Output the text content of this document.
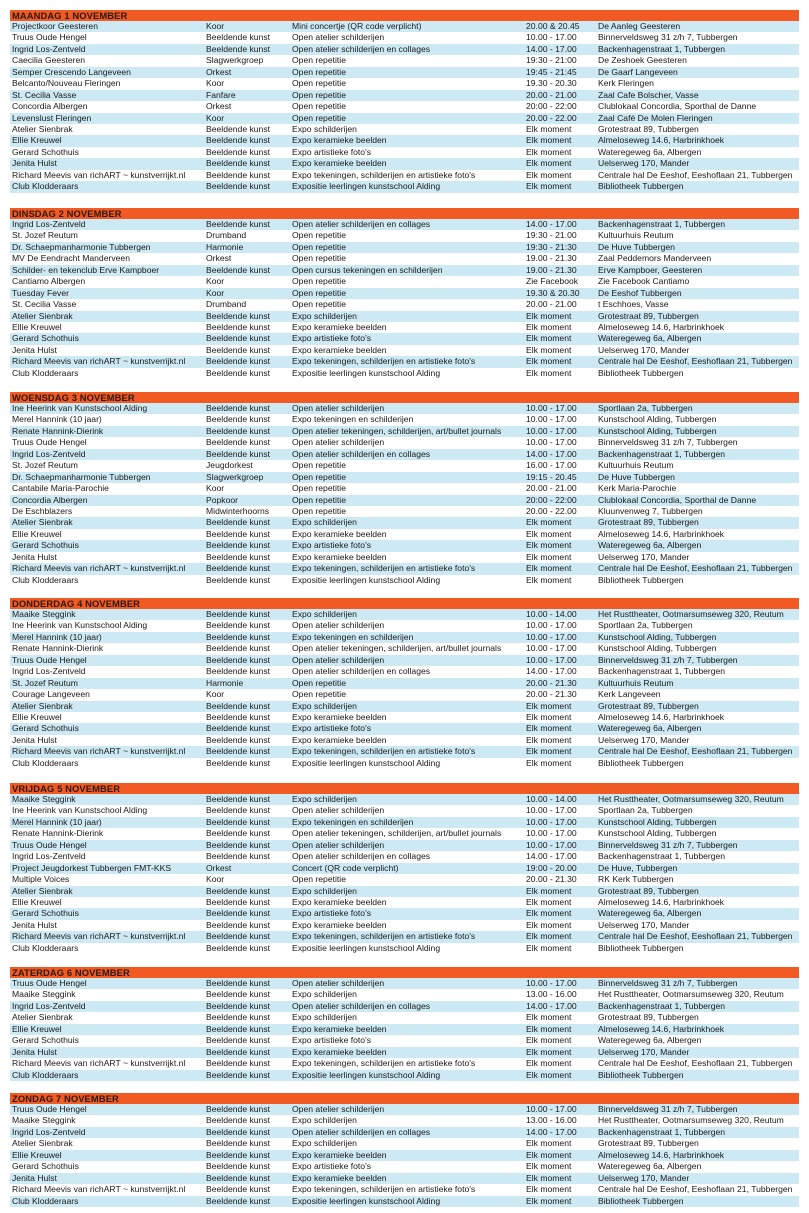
MAANDAG 1 NOVEMBER
Projectkoor Geesteren	Koor	Mini concertje (QR code verplicht)	20.00 & 20.45	De Aanleg Geesteren
Truus Oude Hengel	Beeldende kunst	Open atelier schilderijen	10.00 - 17.00	Binnerveldsweg 31 z/h 7, Tubbergen
Ingrid Los-Zentveld	Beeldende kunst	Open atelier schilderijen en collages	14.00 - 17.00	Backenhagenstraat 1, Tubbergen
Caecilia Geesteren	Slagwerkgroep	Open repetitie	19:30 - 21:00	De Zeshoek Geesteren
Semper Crescendo Langeveen	Orkest	Open repetitie	19:45 - 21:45	De Gaarf Langeveen
Belcanto/Nouveau Fleringen	Koor	Open repetitie	19.30 - 20.30	Kerk Fleringen
St. Cecilia Vasse	Fanfare	Open repetitie	20.00 - 21.00	Zaal Cafe Bolscher, Vasse
Concordia Albergen	Orkest	Open repetitie	20:00 - 22:00	Clublokaal Concordia, Sporthal de Danne
Levenslust Fleringen	Koor	Open repetitie	20.00 - 22.00	Zaal Café De Molen Fleringen
Atelier Sienbrak	Beeldende kunst	Expo schilderijen	Elk moment	Grotestraat 89, Tubbergen
Ellie Kreuwel	Beeldende kunst	Expo keramieke beelden	Elk moment	Almeloseweg 14.6, Harbrinkhoek
Gerard Schothuis	Beeldende kunst	Expo artistieke foto's	Elk moment	Wateregeweg 6a, Albergen
Jenita Hulst	Beeldende kunst	Expo keramieke beelden	Elk moment	Uelserweg 170, Mander
Richard Meevis van richART ~ kunstverrijkt.nl	Beeldende kunst	Expo tekeningen, schilderijen en artistieke foto's	Elk moment	Centrale hal De Eeshof, Eeshoflaan 21, Tubbergen
Club Klodderaars	Beeldende kunst	Expositie leerlingen kunstschool Alding	Elk moment	Bibliotheek Tubbergen
DINSDAG 2 NOVEMBER
Ingrid Los-Zentveld	Beeldende kunst	Open atelier schilderijen en collages	14.00 - 17.00	Backenhagenstraat 1, Tubbergen
St. Jozef Reutum	Drumband	Open repetitie	19:30 - 21.00	Kultuurhuis Reutum
Dr. Schaepmanharmonie Tubbergen	Harmonie	Open repetitie	19:30 - 21:30	De Huve Tubbergen
MV De Eendracht Manderveen	Orkest	Open repetitie	19.00 - 21.30	Zaal Peddemors Manderveen
Schilder- en tekenclub Erve Kampboer	Beeldende kunst	Open cursus tekeningen en schilderijen	19.00 - 21.30	Erve Kampboer, Geesteren
Cantiamo Albergen	Koor	Open repetitie	Zie Facebook	Zie Facebook Cantiamo
Tuesday Fever	Koor	Open repetitie	19.30 & 20.30	De Eeshof Tubbergen
St. Cecilia Vasse	Drumband	Open repetitie	20.00 - 21.00	t Eschhoes, Vasse
Atelier Sienbrak	Beeldende kunst	Expo schilderijen	Elk moment	Grotestraat 89, Tubbergen
Ellie Kreuwel	Beeldende kunst	Expo keramieke beelden	Elk moment	Almeloseweg 14.6, Harbrinkhoek
Gerard Schothuis	Beeldende kunst	Expo artistieke foto's	Elk moment	Wateregeweg 6a, Albergen
Jenita Hulst	Beeldende kunst	Expo keramieke beelden	Elk moment	Uelserweg 170, Mander
Richard Meevis van richART ~ kunstverrijkt.nl	Beeldende kunst	Expo tekeningen, schilderijen en artistieke foto's	Elk moment	Centrale hal De Eeshof, Eeshoflaan 21, Tubbergen
Club Klodderaars	Beeldende kunst	Expositie leerlingen kunstschool Alding	Elk moment	Bibliotheek Tubbergen
WOENSDAG 3 NOVEMBER
Ine Heerink van Kunstschool Alding	Beeldende kunst	Open atelier schilderijen	10.00 - 17.00	Sportlaan 2a, Tubbergen
Merel Hannink (10 jaar)	Beeldende kunst	Expo tekeningen en schilderijen	10.00 - 17.00	Kunstschool Alding, Tubbergen
Renate Hannink-Dierink	Beeldende kunst	Open atelier tekeningen, schilderijen, art/bullet journals	10.00 - 17.00	Kunstschool Alding, Tubbergen
Truus Oude Hengel	Beeldende kunst	Open atelier schilderijen	10.00 - 17.00	Binnerveldsweg 31 z/h 7, Tubbergen
Ingrid Los-Zentveld	Beeldende kunst	Open atelier schilderijen en collages	14.00 - 17.00	Backenhagenstraat 1, Tubbergen
St. Jozef Reutum	Jeugdorkest	Open repetitie	16.00 - 17.00	Kultuurhuis Reutum
Dr. Schaepmanharmonie Tubbergen	Slagwerkgroep	Open repetitie	19:15 - 20.45	De Huve Tubbergen
Cantabile Maria-Parochie	Koor	Open repetitie	20.00 - 21.00	Kerk Maria-Parochie
Concordia Albergen	Popkoor	Open repetitie	20:00 - 22:00	Clublokaal Concordia, Sporthal de Danne
De Eschblazers	Midwinterhoorns	Open repetitie	20.00 - 22.00	Kluunvenweg 7, Tubbergen
Atelier Sienbrak	Beeldende kunst	Expo schilderijen	Elk moment	Grotestraat 89, Tubbergen
Ellie Kreuwel	Beeldende kunst	Expo keramieke beelden	Elk moment	Almeloseweg 14.6, Harbrinkhoek
Gerard Schothuis	Beeldende kunst	Expo artistieke foto's	Elk moment	Wateregeweg 6a, Albergen
Jenita Hulst	Beeldende kunst	Expo keramieke beelden	Elk moment	Uelserweg 170, Mander
Richard Meevis van richART ~ kunstverrijkt.nl	Beeldende kunst	Expo tekeningen, schilderijen en artistieke foto's	Elk moment	Centrale hal De Eeshof, Eeshoflaan 21, Tubbergen
Club Klodderaars	Beeldende kunst	Expositie leerlingen kunstschool Alding	Elk moment	Bibliotheek Tubbergen
DONDERDAG 4 NOVEMBER
Maaike Steggink	Beeldende kunst	Expo schilderijen	10.00 - 14.00	Het Rusttheater, Ootmarsumseweg 320, Reutum
Ine Heerink van Kunstschool Alding	Beeldende kunst	Open atelier schilderijen	10.00 - 17.00	Sportlaan 2a, Tubbergen
Merel Hannink (10 jaar)	Beeldende kunst	Expo tekeningen en schilderijen	10.00 - 17.00	Kunstschool Alding, Tubbergen
Renate Hannink-Dierink	Beeldende kunst	Open atelier tekeningen, schilderijen, art/bullet journals	10.00 - 17.00	Kunstschool Alding, Tubbergen
Truus Oude Hengel	Beeldende kunst	Open atelier schilderijen	10.00 - 17.00	Binnerveldsweg 31 z/h 7, Tubbergen
Ingrid Los-Zentveld	Beeldende kunst	Open atelier schilderijen en collages	14.00 - 17.00	Backenhagenstraat 1, Tubbergen
St. Jozef Reutum	Harmonie	Open repetitie	20.00 - 21.30	Kultuurhuis Reutum
Courage Langeveen	Koor	Open repetitie	20.00 - 21.30	Kerk Langeveen
Atelier Sienbrak	Beeldende kunst	Expo schilderijen	Elk moment	Grotestraat 89, Tubbergen
Ellie Kreuwel	Beeldende kunst	Expo keramieke beelden	Elk moment	Almeloseweg 14.6, Harbrinkhoek
Gerard Schothuis	Beeldende kunst	Expo artistieke foto's	Elk moment	Wateregeweg 6a, Albergen
Jenita Hulst	Beeldende kunst	Expo keramieke beelden	Elk moment	Uelserweg 170, Mander
Richard Meevis van richART ~ kunstverrijkt.nl	Beeldende kunst	Expo tekeningen, schilderijen en artistieke foto's	Elk moment	Centrale hal De Eeshof, Eeshoflaan 21, Tubbergen
Club Klodderaars	Beeldende kunst	Expositie leerlingen kunstschool Alding	Elk moment	Bibliotheek Tubbergen
VRIJDAG 5 NOVEMBER
Maaike Steggink	Beeldende kunst	Expo schilderijen	10.00 - 14.00	Het Rusttheater, Ootmarsumseweg 320, Reutum
Ine Heerink van Kunstschool Alding	Beeldende kunst	Open atelier schilderijen	10.00 - 17.00	Sportlaan 2a, Tubbergen
Merel Hannink (10 jaar)	Beeldende kunst	Expo tekeningen en schilderijen	10.00 - 17.00	Kunstschool Alding, Tubbergen
Renate Hannink-Dierink	Beeldende kunst	Open atelier tekeningen, schilderijen, art/bullet journals	10.00 - 17.00	Kunstschool Alding, Tubbergen
Truus Oude Hengel	Beeldende kunst	Open atelier schilderijen	10.00 - 17.00	Binnerveldsweg 31 z/h 7, Tubbergen
Ingrid Los-Zentveld	Beeldende kunst	Open atelier schilderijen en collages	14.00 - 17.00	Backenhagenstraat 1, Tubbergen
Project Jeugdorkest Tubbergen FMT-KKS	Orkest	Concert (QR code verplicht)	19:00 - 20.00	De Huve, Tubbergen
Multiple Voices	Koor	Open repetitie	20.00 - 21.30	RK Kerk Tubbergen
Atelier Sienbrak	Beeldende kunst	Expo schilderijen	Elk moment	Grotestraat 89, Tubbergen
Ellie Kreuwel	Beeldende kunst	Expo keramieke beelden	Elk moment	Almeloseweg 14.6, Harbrinkhoek
Gerard Schothuis	Beeldende kunst	Expo artistieke foto's	Elk moment	Wateregeweg 6a, Albergen
Jenita Hulst	Beeldende kunst	Expo keramieke beelden	Elk moment	Uelserweg 170, Mander
Richard Meevis van richART ~ kunstverrijkt.nl	Beeldende kunst	Expo tekeningen, schilderijen en artistieke foto's	Elk moment	Centrale hal De Eeshof, Eeshoflaan 21, Tubbergen
Club Klodderaars	Beeldende kunst	Expositie leerlingen kunstschool Alding	Elk moment	Bibliotheek Tubbergen
ZATERDAG 6 NOVEMBER
Truus Oude Hengel	Beeldende kunst	Open atelier schilderijen	10.00 - 17.00	Binnerveldsweg 31 z/h 7, Tubbergen
Maaike Steggink	Beeldende kunst	Expo schilderijen	13.00 - 16.00	Het Rusttheater, Ootmarsumseweg 320, Reutum
Ingrid Los-Zentveld	Beeldende kunst	Open atelier schilderijen en collages	14.00 - 17.00	Backenhagenstraat 1, Tubbergen
Atelier Sienbrak	Beeldende kunst	Expo schilderijen	Elk moment	Grotestraat 89, Tubbergen
Ellie Kreuwel	Beeldende kunst	Expo keramieke beelden	Elk moment	Almeloseweg 14.6, Harbrinkhoek
Gerard Schothuis	Beeldende kunst	Expo artistieke foto's	Elk moment	Wateregeweg 6a, Albergen
Jenita Hulst	Beeldende kunst	Expo keramieke beelden	Elk moment	Uelserweg 170, Mander
Richard Meevis van richART ~ kunstverrijkt.nl	Beeldende kunst	Expo tekeningen, schilderijen en artistieke foto's	Elk moment	Centrale hal De Eeshof, Eeshoflaan 21, Tubbergen
Club Klodderaars	Beeldende kunst	Expositie leerlingen kunstschool Alding	Elk moment	Bibliotheek Tubbergen
ZONDAG 7 NOVEMBER
Truus Oude Hengel	Beeldende kunst	Open atelier schilderijen	10.00 - 17.00	Binnerveldsweg 31 z/h 7, Tubbergen
Maaike Steggink	Beeldende kunst	Expo schilderijen	13.00 - 16.00	Het Rusttheater, Ootmarsumseweg 320, Reutum
Ingrid Los-Zentveld	Beeldende kunst	Open atelier schilderijen en collages	14.00 - 17.00	Backenhagenstraat 1, Tubbergen
Atelier Sienbrak	Beeldende kunst	Expo schilderijen	Elk moment	Grotestraat 89, Tubbergen
Ellie Kreuwel	Beeldende kunst	Expo keramieke beelden	Elk moment	Almeloseweg 14.6, Harbrinkhoek
Gerard Schothuis	Beeldende kunst	Expo artistieke foto's	Elk moment	Wateregeweg 6a, Albergen
Jenita Hulst	Beeldende kunst	Expo keramieke beelden	Elk moment	Uelserweg 170, Mander
Richard Meevis van richART ~ kunstverrijkt.nl	Beeldende kunst	Expo tekeningen, schilderijen en artistieke foto's	Elk moment	Centrale hal De Eeshof, Eeshoflaan 21, Tubbergen
Club Klodderaars	Beeldende kunst	Expositie leerlingen kunstschool Alding	Elk moment	Bibliotheek Tubbergen
